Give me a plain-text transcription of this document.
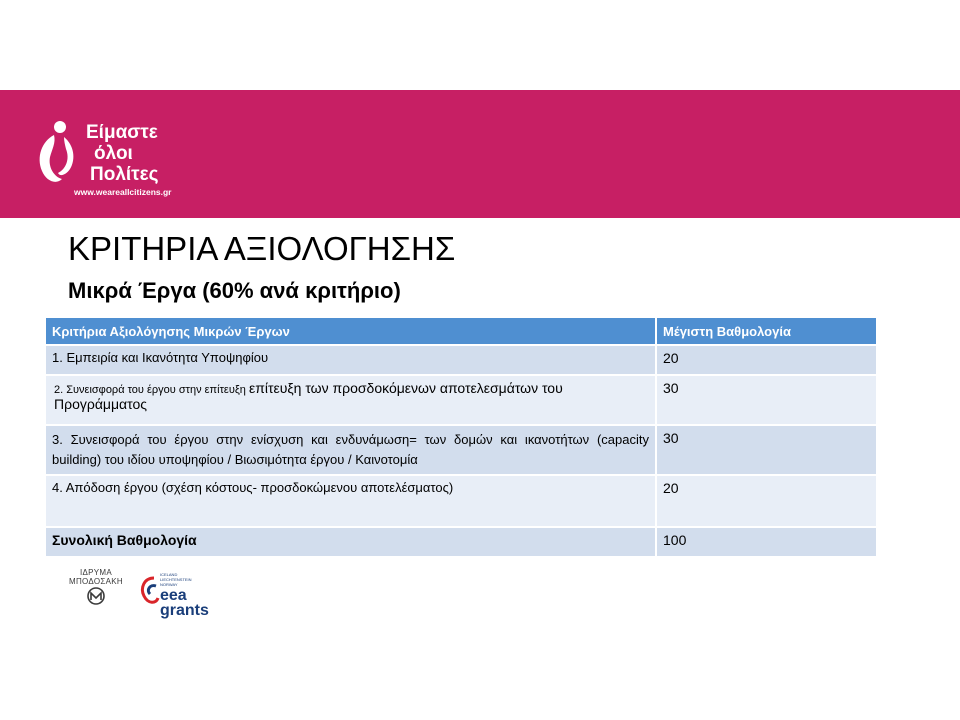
Είμαστε
όλοι
Πολίτες
www.weareallcitizens.gr
ΚΡΙΤΗΡΙΑ ΑΞΙΟΛΟΓΗΣΗΣ
Μικρά Έργα (60% ανά κριτήριο)
Κριτήρια Αξιολόγησης Μικρών Έργων	Μέγιστη Βαθμολογία
1. Εμπειρία και Ικανότητα Υποψηφίου	20
2. Συνεισφορά του έργου στην επίτευξη επίτευξη των προσδοκόμενων αποτελεσμάτων του Προγράμματος	30
3. Συνεισφορά του έργου στην ενίσχυση και ενδυνάμωση= των δομών και ικανοτήτων (capacity building) του ιδίου υποψηφίου / Βιωσιμότητα έργου / Καινοτομία	30
4. Απόδοση έργου (σχέση κόστους- προσδοκώμενου αποτελέσματος)	20
Συνολική Βαθμολογία	100
ΙΔΡΥΜΑ
ΜΠΟΔΟΣΑΚΗ
ICELAND
LIECHTENSTEIN
NORWAY
eea
grants
